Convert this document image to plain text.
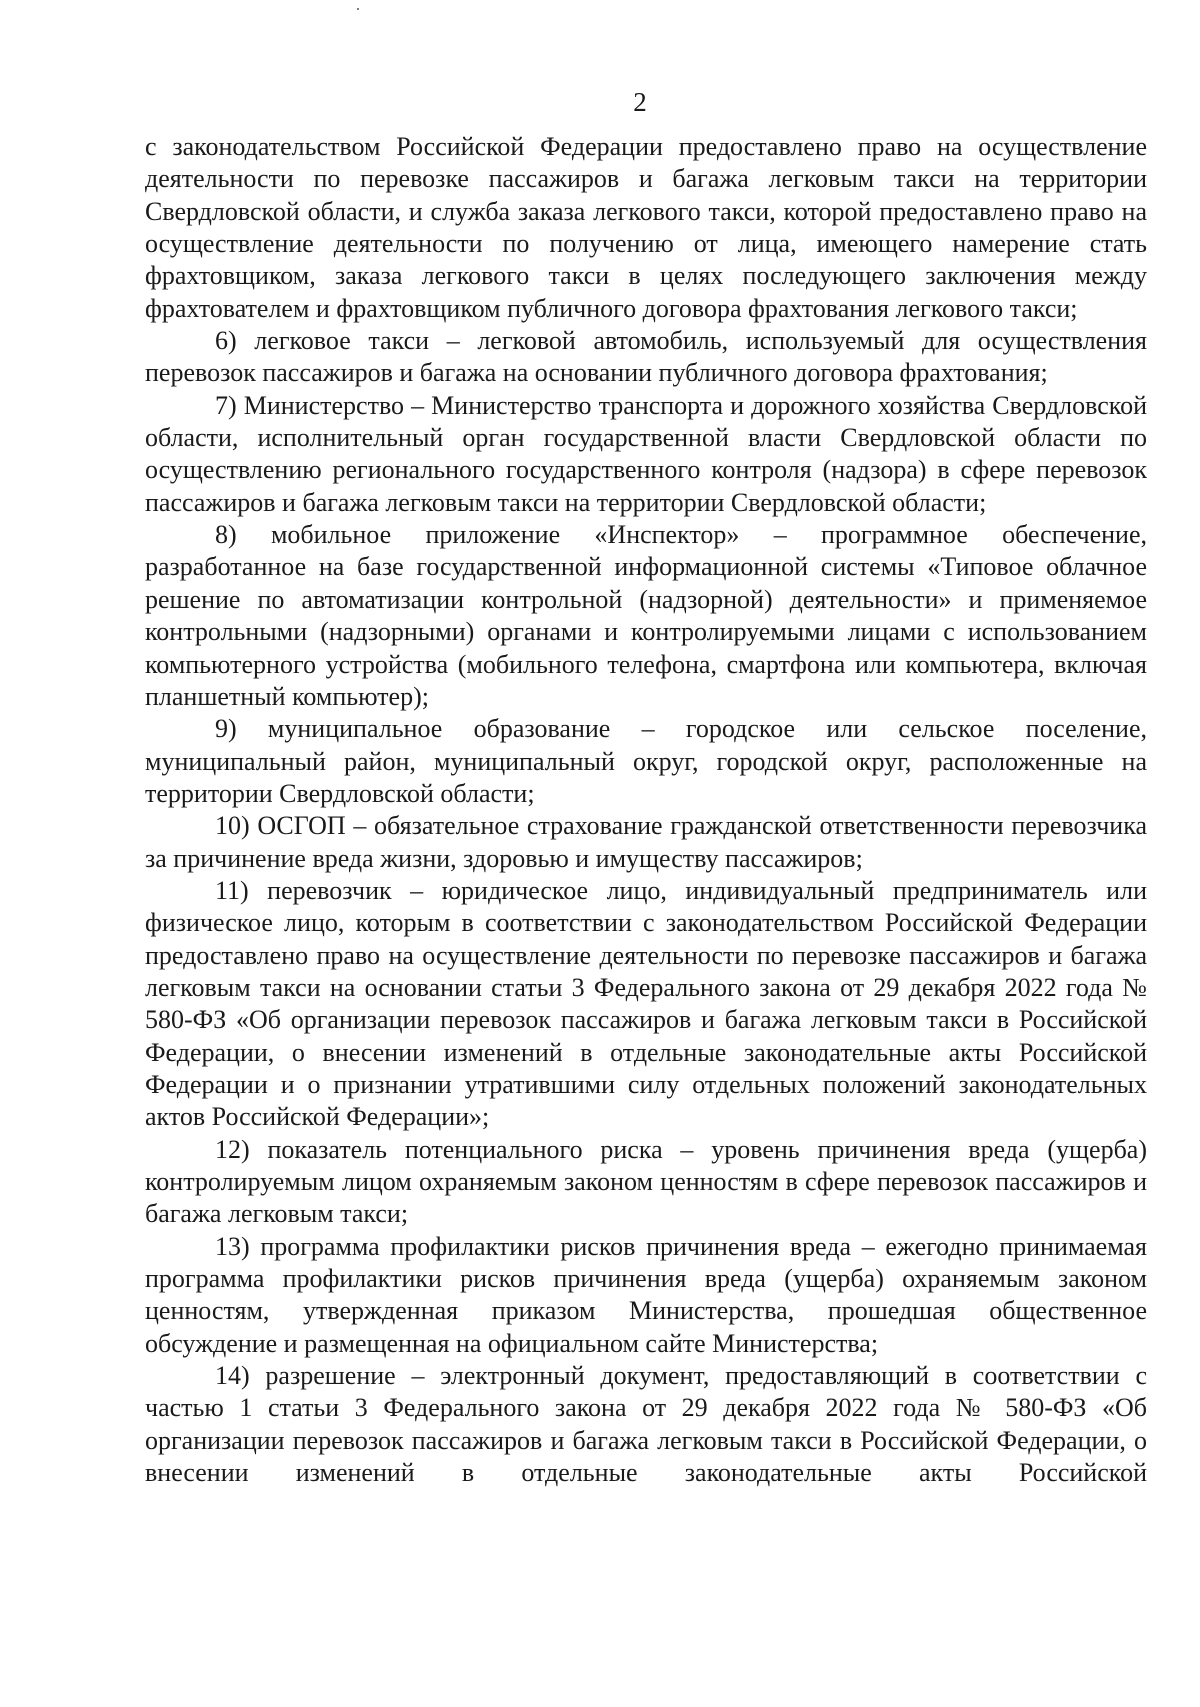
2

с законодательством Российской Федерации предоставлено право на осуществление деятельности по перевозке пассажиров и багажа легковым такси на территории Свердловской области, и служба заказа легкового такси, которой предоставлено право на осуществление деятельности по получению от лица, имеющего намерение стать фрахтовщиком, заказа легкового такси в целях последующего заключения между фрахтователем и фрахтовщиком публичного договора фрахтования легкового такси;

6) легковое такси – легковой автомобиль, используемый для осуществления перевозок пассажиров и багажа на основании публичного договора фрахтования;

7) Министерство – Министерство транспорта и дорожного хозяйства Свердловской области, исполнительный орган государственной власти Свердловской области по осуществлению регионального государственного контроля (надзора) в сфере перевозок пассажиров и багажа легковым такси на территории Свердловской области;

8) мобильное приложение «Инспектор» – программное обеспечение, разработанное на базе государственной информационной системы «Типовое облачное решение по автоматизации контрольной (надзорной) деятельности» и применяемое контрольными (надзорными) органами и контролируемыми лицами с использованием компьютерного устройства (мобильного телефона, смартфона или компьютера, включая планшетный компьютер);

9) муниципальное образование – городское или сельское поселение, муниципальный район, муниципальный округ, городской округ, расположенные на территории Свердловской области;

10) ОСГОП – обязательное страхование гражданской ответственности перевозчика за причинение вреда жизни, здоровью и имуществу пассажиров;

11) перевозчик – юридическое лицо, индивидуальный предприниматель или физическое лицо, которым в соответствии с законодательством Российской Федерации предоставлено право на осуществление деятельности по перевозке пассажиров и багажа легковым такси на основании статьи 3 Федерального закона от 29 декабря 2022 года № 580-ФЗ «Об организации перевозок пассажиров и багажа легковым такси в Российской Федерации, о внесении изменений в отдельные законодательные акты Российской Федерации и о признании утратившими силу отдельных положений законодательных актов Российской Федерации»;

12) показатель потенциального риска – уровень причинения вреда (ущерба) контролируемым лицом охраняемым законом ценностям в сфере перевозок пассажиров и багажа легковым такси;

13) программа профилактики рисков причинения вреда – ежегодно принимаемая программа профилактики рисков причинения вреда (ущерба) охраняемым законом ценностям, утвержденная приказом Министерства, прошедшая общественное обсуждение и размещенная на официальном сайте Министерства;

14) разрешение – электронный документ, предоставляющий в соответствии с частью 1 статьи 3 Федерального закона от 29 декабря 2022 года № 580-ФЗ «Об организации перевозок пассажиров и багажа легковым такси в Российской Федерации, о внесении изменений в отдельные законодательные акты Российской
